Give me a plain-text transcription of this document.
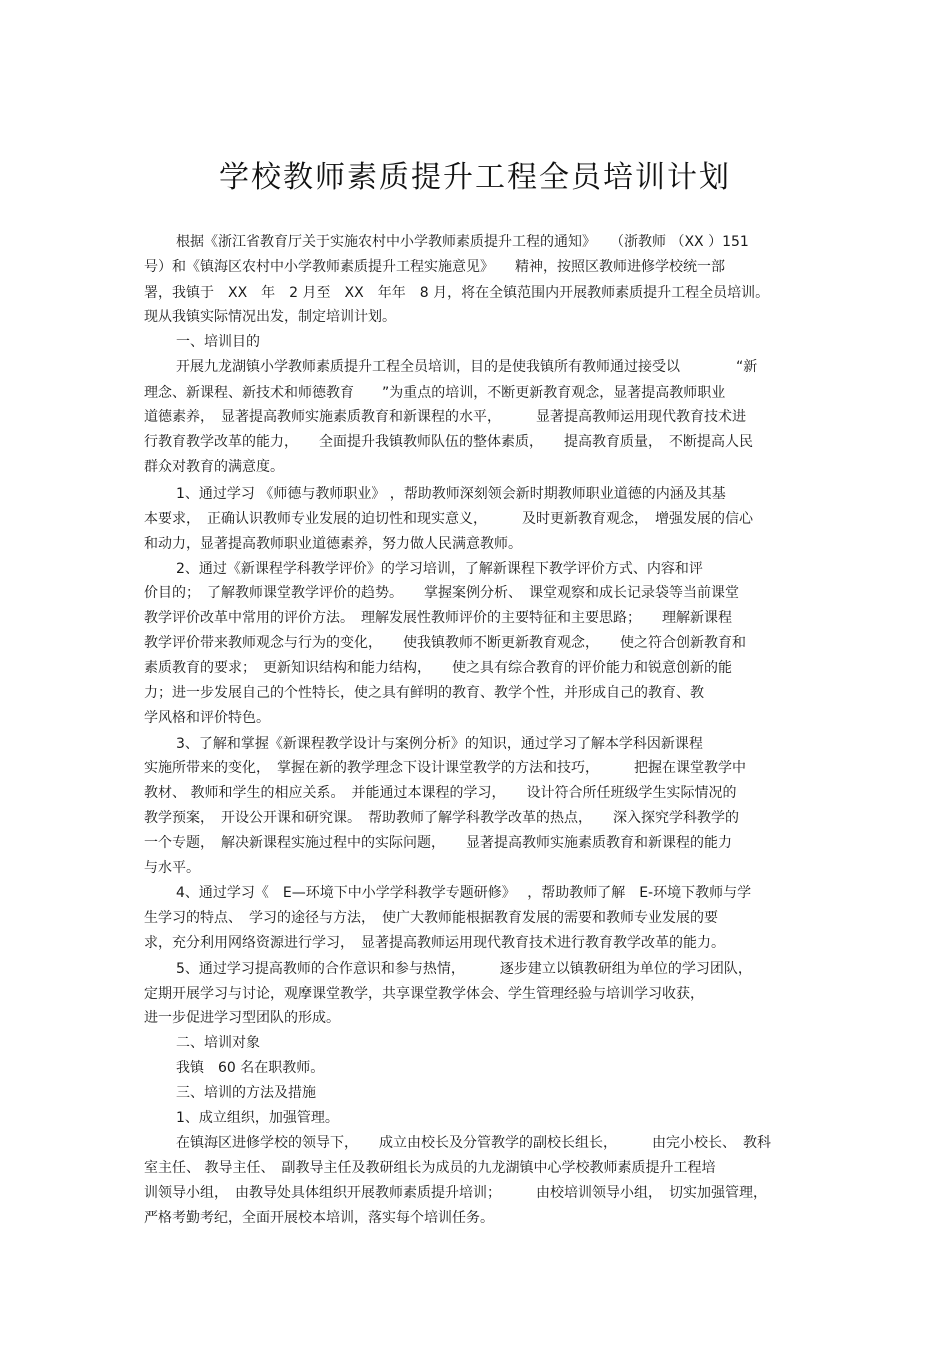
学校教师素质提升工程全员培训计划
根据《浙江省教育厅关于实施农村中小学教师素质提升工程的通知》　　（浙教师 （XX ）151
号）和《镇海区农村中小学教师素质提升工程实施意见》　　精神，按照区教师进修学校统一部
署，我镇于　XX　年　2 月至　XX　年年　8 月，将在全镇范围内开展教师素质提升工程全员培训。
现从我镇实际情况出发，制定培训计划。
一、培训目的
开展九龙湖镇小学教师素质提升工程全员培训，目的是使我镇所有教师通过接受以　　　　“新
理念、新课程、新技术和师德教育　　”为重点的培训，不断更新教育观念，显著提高教师职业
道德素养，　显著提高教师实施素质教育和新课程的水平，　　　显著提高教师运用现代教育技术进
行教育教学改革的能力，　　全面提升我镇教师队伍的整体素质，　　提高教育质量，　不断提高人民
群众对教育的满意度。
1、通过学习 《师德与教师职业》 ，帮助教师深刻领会新时期教师职业道德的内涵及其基
本要求，　正确认识教师专业发展的迫切性和现实意义，　　　及时更新教育观念，　增强发展的信心
和动力，显著提高教师职业道德素养，努力做人民满意教师。
2、通过《新课程学科教学评价》的学习培训，了解新课程下教学评价方式、内容和评
价目的；　了解教师课堂教学评价的趋势。　　掌握案例分析、　课堂观察和成长记录袋等当前课堂
教学评价改革中常用的评价方法。　理解发展性教师评价的主要特征和主要思路；　　理解新课程
教学评价带来教师观念与行为的变化，　　使我镇教师不断更新教育观念，　　使之符合创新教育和
素质教育的要求；　更新知识结构和能力结构，　　使之具有综合教育的评价能力和锐意创新的能
力；进一步发展自己的个性特长，使之具有鲜明的教育、教学个性，并形成自己的教育、教
学风格和评价特色。
3、了解和掌握《新课程教学设计与案例分析》的知识，通过学习了解本学科因新课程
实施所带来的变化，　掌握在新的教学理念下设计课堂教学的方法和技巧，　　　把握在课堂教学中
教材、 教师和学生的相应关系。　并能通过本课程的学习，　　设计符合所任班级学生实际情况的
教学预案，　开设公开课和研究课。　帮助教师了解学科教学改革的热点，　　深入探究学科教学的
一个专题，　解决新课程实施过程中的实际问题，　　显著提高教师实施素质教育和新课程的能力
与水平。
4、通过学习《　E—环境下中小学学科教学专题研修》　 ，帮助教师了解　E-环境下教师与学
生学习的特点、　学习的途径与方法，　使广大教师能根据教育发展的需要和教师专业发展的要
求，充分利用网络资源进行学习，　显著提高教师运用现代教育技术进行教育教学改革的能力。
5、通过学习提高教师的合作意识和参与热情，　　　逐步建立以镇教研组为单位的学习团队，
定期开展学习与讨论，观摩课堂教学，共享课堂教学体会、学生管理经验与培训学习收获，
进一步促进学习型团队的形成。
二、培训对象
我镇　60 名在职教师。
三、培训的方法及措施
1、成立组织，加强管理。
在镇海区进修学校的领导下，　　成立由校长及分管教学的副校长组长，　　　由完小校长、　教科
室主任、 教导主任、　副教导主任及教研组长为成员的九龙湖镇中心学校教师素质提升工程培
训领导小组，　由教导处具体组织开展教师素质提升培训；　　　由校培训领导小组，　切实加强管理，
严格考勤考纪，全面开展校本培训，落实每个培训任务。
